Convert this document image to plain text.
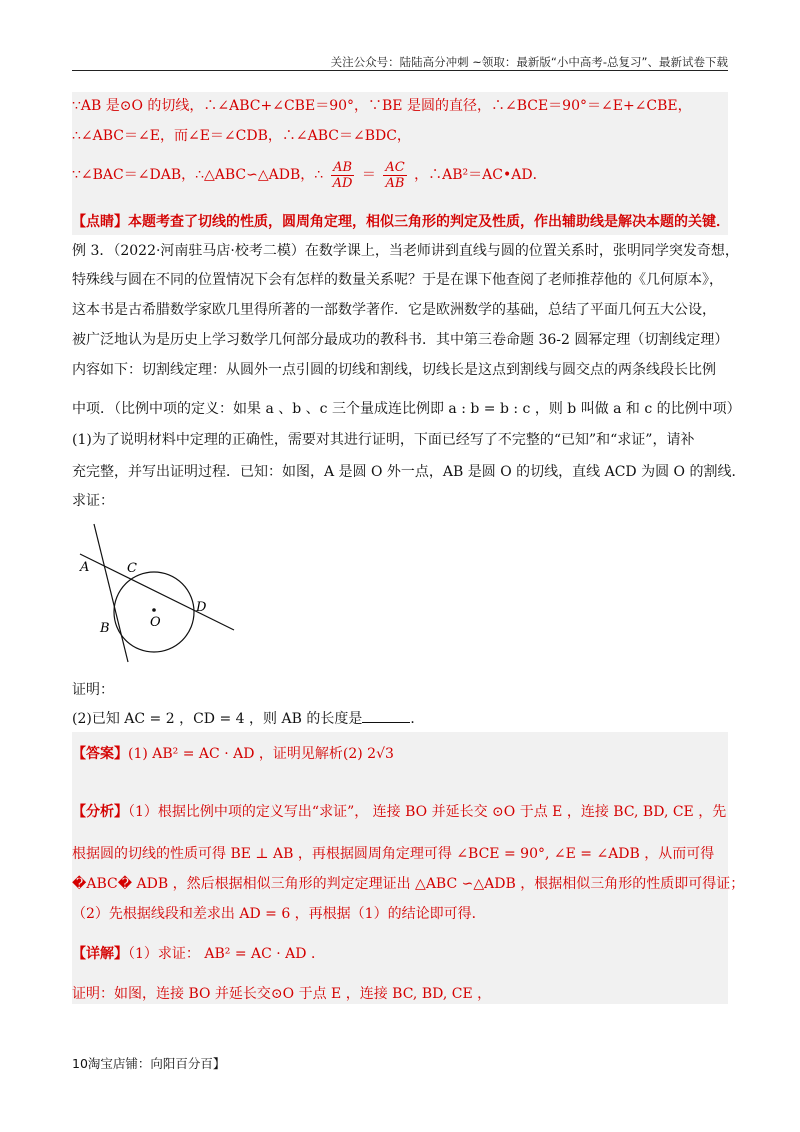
关注公众号：陆陆高分冲刺 ~领取：最新版“小中高考-总复习”、最新试卷下载
∵AB 是⊙O 的切线，∴∠ABC+∠CBE＝90°，∵BE 是圆的直径，∴∠BCE＝90°＝∠E+∠CBE，
∴∠ABC＝∠E，而∠E＝∠CDB，∴∠ABC＝∠BDC，
∵∠BAC＝∠DAB，∴△ABC∽△ADB，∴ $\frac{AB}{AD} = \frac{AC}{AB}$ ，∴AB²＝AC•AD．
【点睛】本题考查了切线的性质，圆周角定理，相似三角形的判定及性质，作出辅助线是解决本题的关键．
例 3．（2022·河南驻马店·校考二模）在数学课上，当老师讲到直线与圆的位置关系时，张明同学突发奇想，
特殊线与圆在不同的位置情况下会有怎样的数量关系呢？于是在课下他查阅了老师推荐他的《几何原本》，
这本书是古希腊数学家欧几里得所著的一部数学著作．它是欧洲数学的基础，总结了平面几何五大公设，
被广泛地认为是历史上学习数学几何部分最成功的教科书．其中第三卷命题 36-2 圆幂定理（切割线定理）
内容如下：切割线定理：从圆外一点引圆的切线和割线，切线长是这点到割线与圆交点的两条线段长比例
中项．（比例中项的定义：如果 a 、b 、c 三个量成连比例即 a : b = b : c ，则 b 叫做 a 和 c 的比例中项）
(1)为了说明材料中定理的正确性，需要对其进行证明，下面已经写了不完整的“已知”和“求证”，请补
充完整，并写出证明过程．已知：如图，A 是圆 O 外一点，AB 是圆 O 的切线，直线 ACD 为圆 O 的割线．
求证：
A
B
C
D
O
证明：
(2)已知 AC = 2 ，CD = 4 ，则 AB 的长度是	．
【答案】(1) AB² = AC · AD ，证明见解析(2) 2√3
【分析】（1）根据比例中项的定义写出“求证”， 连接 BO 并延长交 ⊙O 于点 E ，连接 BC, BD, CE ，先
根据圆的切线的性质可得 BE ⊥ AB ，再根据圆周角定理可得 ∠BCE = 90°, ∠E = ∠ADB ，从而可得
�ABC� ADB ，然后根据相似三角形的判定定理证出 △ABC ∽△ADB ，根据相似三角形的性质即可得证；
（2）先根据线段和差求出 AD = 6 ，再根据（1）的结论即可得．
【详解】（1）求证： AB² = AC · AD ．
证明：如图，连接 BO 并延长交⊙O 于点 E ，连接 BC, BD, CE ，
10淘宝店铺：向阳百分百】
